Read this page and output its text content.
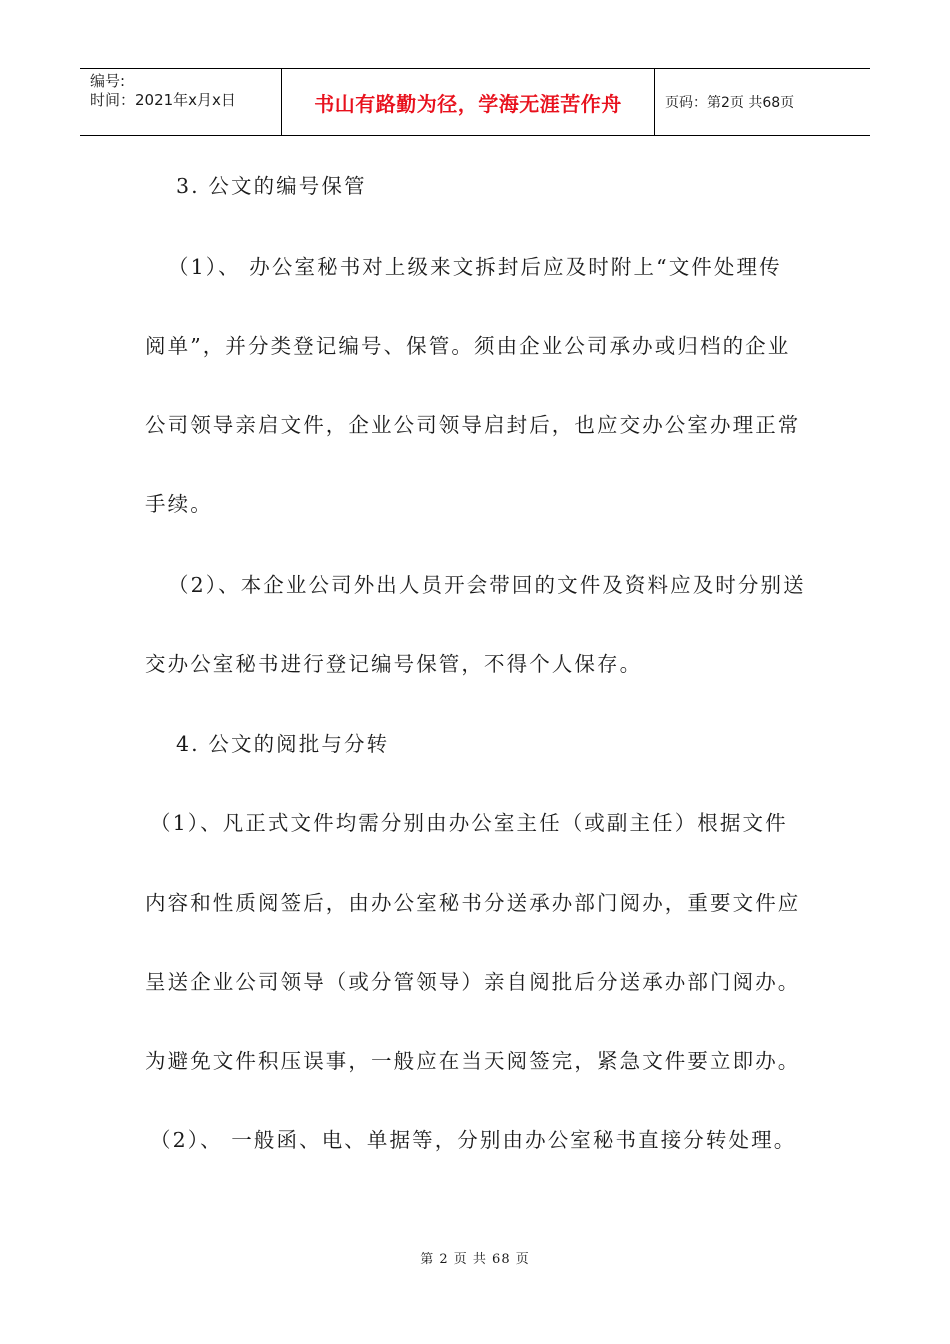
编号:
时间：2021年x月x日	书山有路勤为径，学海无涯苦作舟	页码：第2页 共68页
3. 公文的编号保管
（1）、 办公室秘书对上级来文拆封后应及时附上“文件处理传
阅单”，并分类登记编号、保管。须由企业公司承办或归档的企业
公司领导亲启文件，企业公司领导启封后，也应交办公室办理正常
手续。
（2）、本企业公司外出人员开会带回的文件及资料应及时分别送
交办公室秘书进行登记编号保管，不得个人保存。
4. 公文的阅批与分转
（1）、凡正式文件均需分别由办公室主任（或副主任）根据文件
内容和性质阅签后，由办公室秘书分送承办部门阅办，重要文件应
呈送企业公司领导（或分管领导）亲自阅批后分送承办部门阅办。
为避免文件积压误事，一般应在当天阅签完，紧急文件要立即办。
（2）、 一般函、电、单据等，分别由办公室秘书直接分转处理。
第 2 页 共 68 页
